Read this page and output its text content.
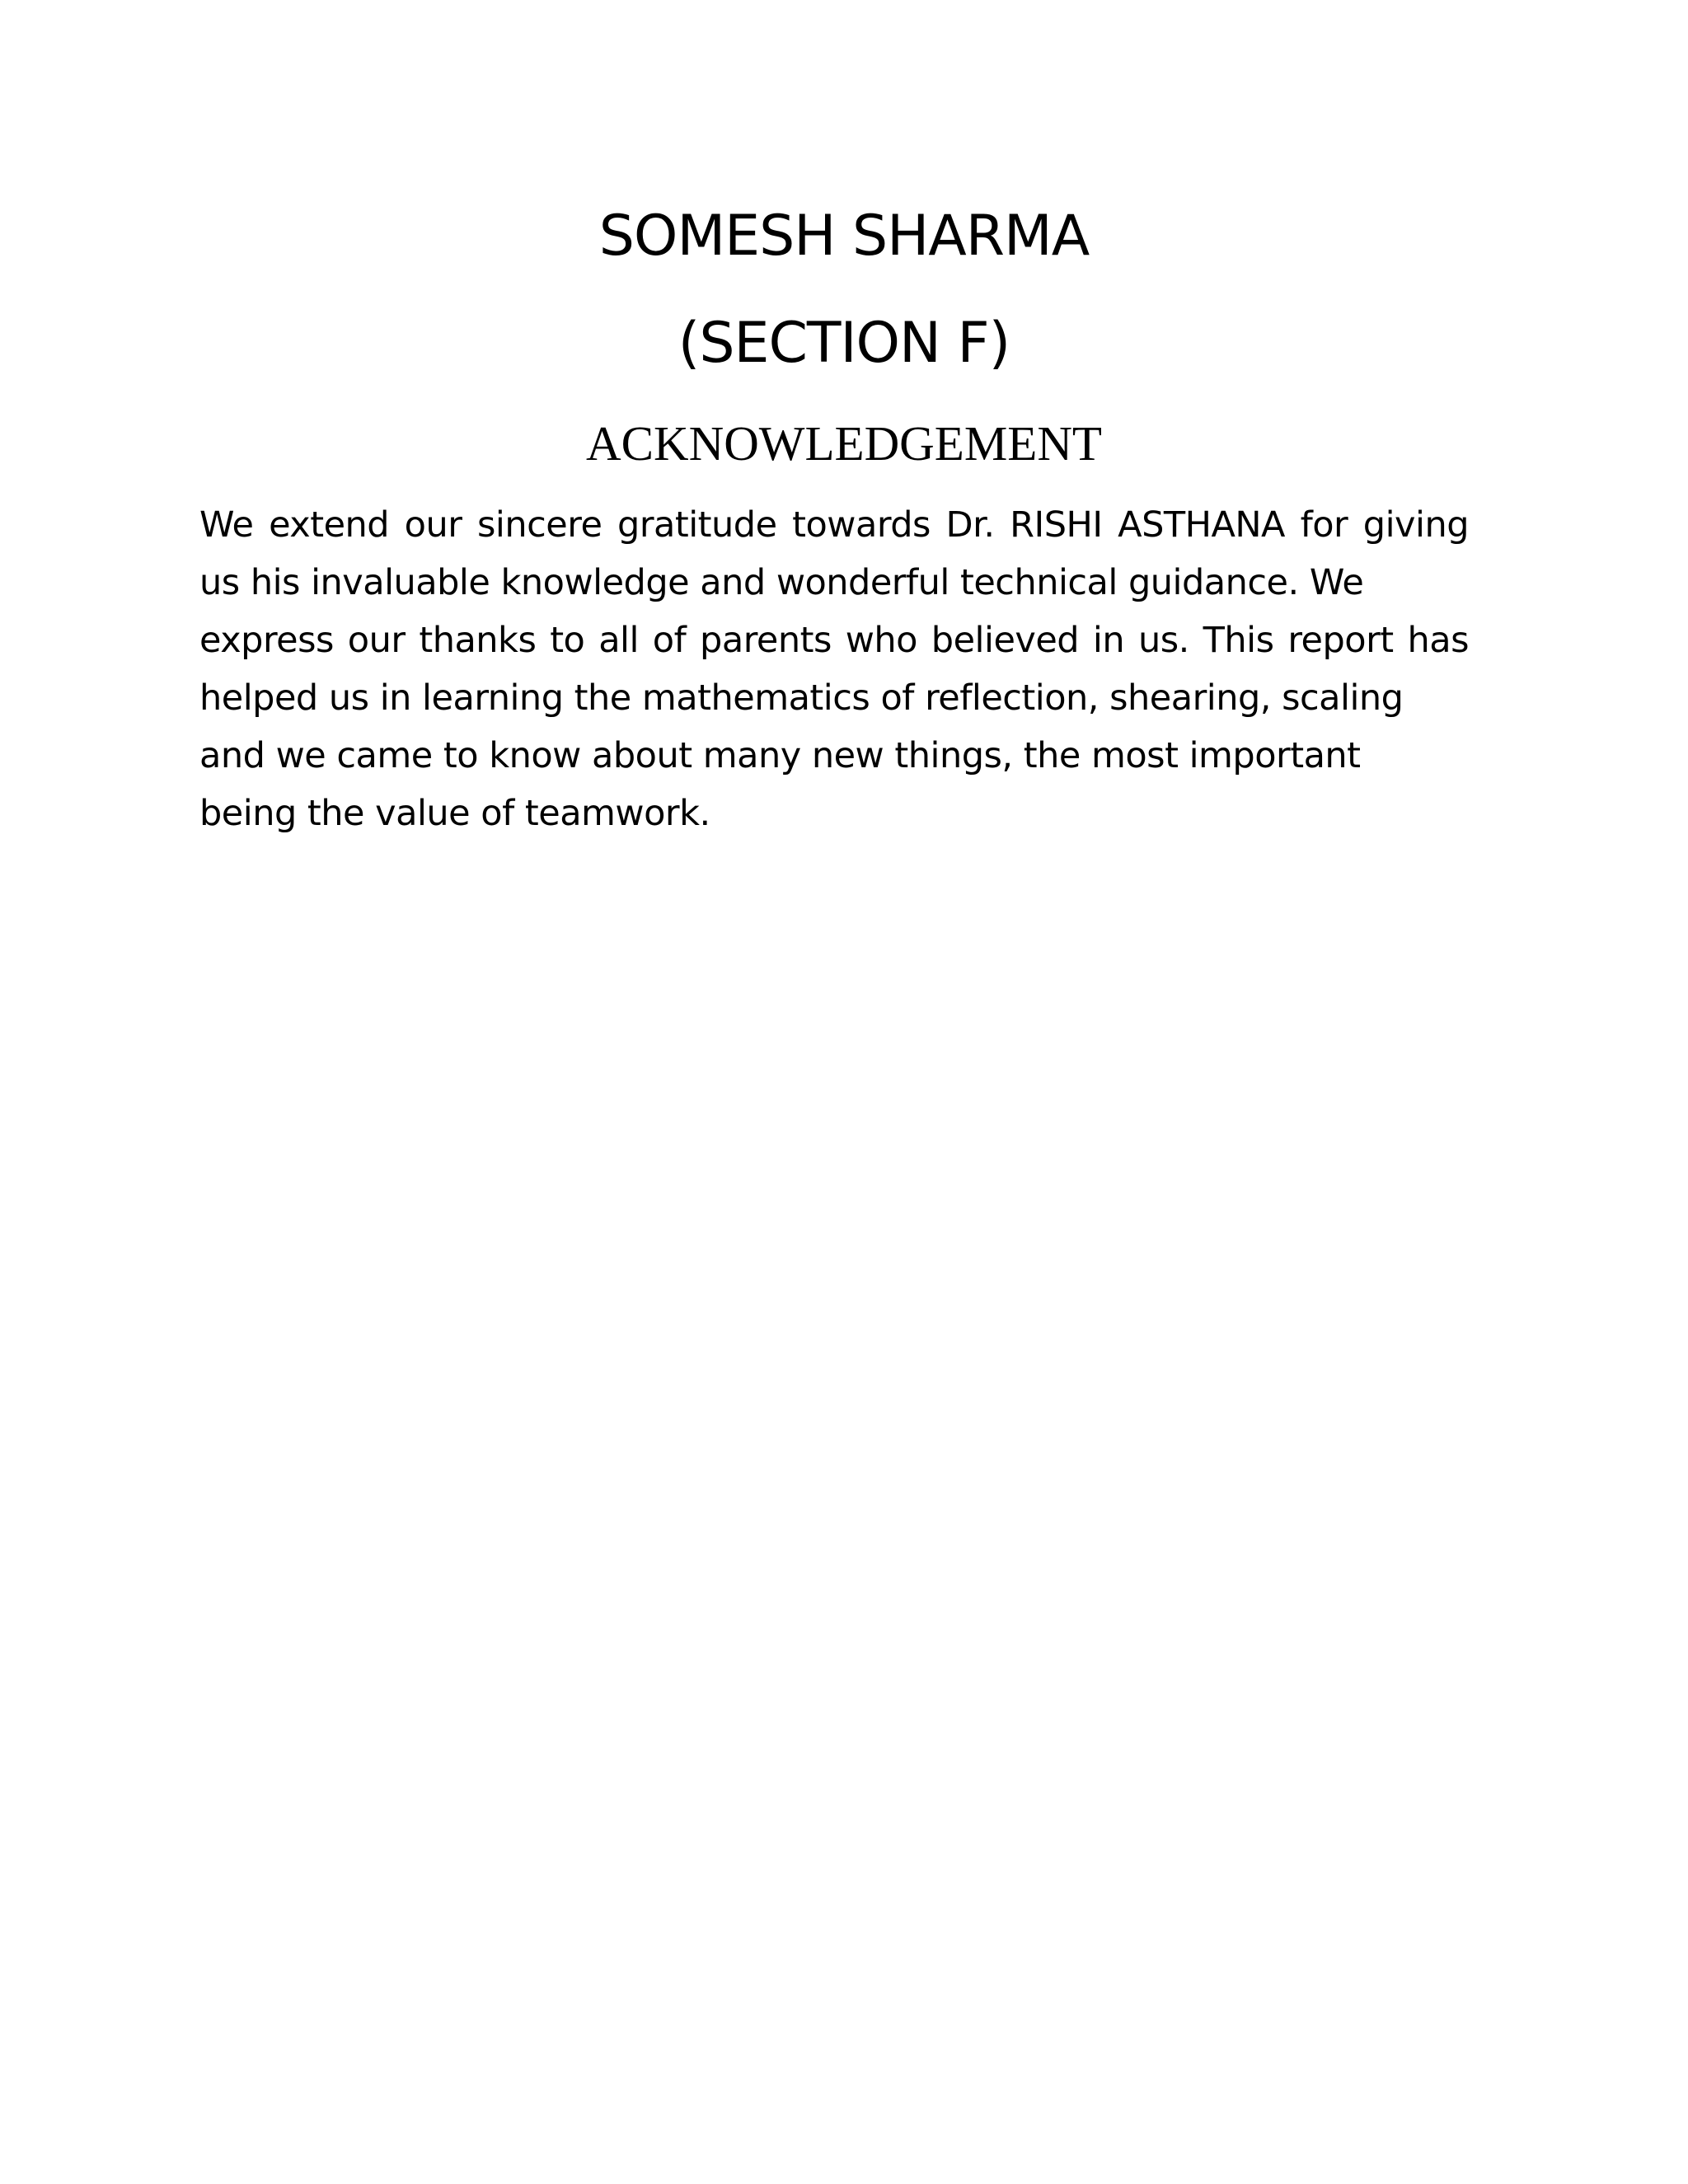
SOMESH SHARMA
(SECTION F)
ACKNOWLEDGEMENT
We extend our sincere gratitude towards Dr. RISHI ASTHANA for giving
us his invaluable knowledge and wonderful technical guidance. We
express our thanks to all of parents who believed in us. This report has
helped us in learning the mathematics of reflection, shearing, scaling
and we came to know about many new things, the most important
being the value of teamwork.
